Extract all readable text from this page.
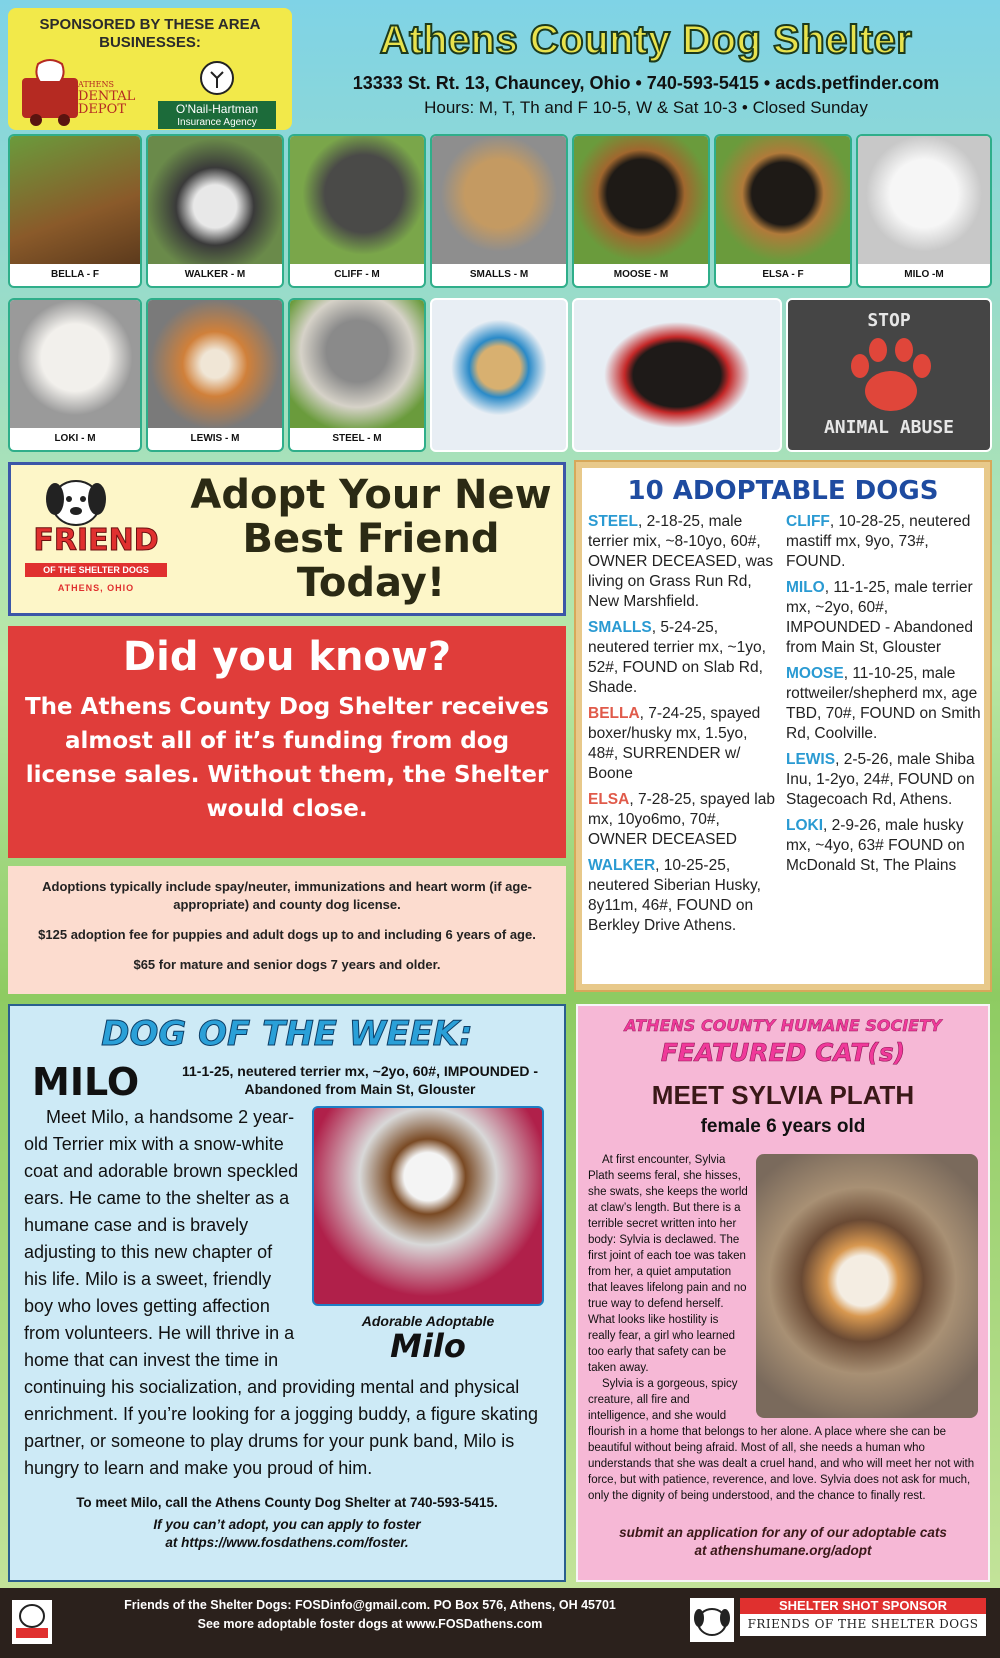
SPONSORED BY THESE AREA BUSINESSES:
ATHENS
DENTAL DEPOT	O'Nail-Hartman
Insurance Agency
Athens County Dog Shelter
13333 St. Rt. 13, Chauncey, Ohio • 740-593-5415 • acds.petfinder.com
Hours: M, T, Th and F 10-5, W & Sat 10-3 • Closed Sunday
BELLA - F	WALKER - M	CLIFF - M	SMALLS - M	MOOSE - M	ELSA - F	MILO -M
LOKI - M	LEWIS - M	STEEL - M
STOP
ANIMAL ABUSE
FRIEND
OF THE SHELTER DOGS
ATHENS, OHIO
Adopt Your New Best Friend Today!
Did you know?
The Athens County Dog Shelter receives almost all of it’s funding from dog license sales. Without them, the Shelter would close.

Adoptions typically include spay/neuter, immunizations and heart worm (if age-appropriate) and county dog license.

$125 adoption fee for puppies and adult dogs up to and including 6 years of age.

$65 for mature and senior dogs 7 years and older.

10 ADOPTABLE DOGS

STEEL, 2-18-25, male terrier mix, ~8-10yo, 60#, OWNER DECEASED, was living on Grass Run Rd, New Marshfield.

SMALLS, 5-24-25, neutered terrier mx, ~1yo, 52#, FOUND on Slab Rd, Shade.

BELLA, 7-24-25, spayed boxer/husky mx, 1.5yo, 48#, SURRENDER w/ Boone

ELSA, 7-28-25, spayed lab mx, 10yo6mo, 70#, OWNER DECEASED

WALKER, 10-25-25, neutered Siberian Husky, 8y11m, 46#, FOUND on Berkley Drive Athens.

CLIFF, 10-28-25, neutered mastiff mx, 9yo, 73#, FOUND.

MILO, 11-1-25, male terrier mx, ~2yo, 60#, IMPOUNDED - Abandoned from Main St, Glouster

MOOSE, 11-10-25, male rottweiler/shepherd mx, age TBD, 70#, FOUND on Smith Rd, Coolville.

LEWIS, 2-5-26, male Shiba Inu, 1-2yo, 24#, FOUND on Stagecoach Rd, Athens.

LOKI, 2-9-26, male husky mx, ~4yo, 63# FOUND on McDonald St, The Plains

DOG OF THE WEEK:
MILO	11-1-25, neutered terrier mx, ~2yo, 60#, IMPOUNDED - Abandoned from Main St, Glouster
Adorable Adoptable
Milo
Meet Milo, a handsome 2 year-old Terrier mix with a snow-white coat and adorable brown speckled ears. He came to the shelter as a humane case and is bravely adjusting to this new chapter of his life. Milo is a sweet, friendly boy who loves getting affection from volunteers. He will thrive in a home that can invest the time in continuing his socialization, and providing mental and physical enrichment. If you’re looking for a jogging buddy, a figure skating partner, or someone to play drums for your punk band, Milo is hungry to learn and make you proud of him.
To meet Milo, call the Athens County Dog Shelter at 740-593-5415.
If you can’t adopt, you can apply to foster
at https://www.fosdathens.com/foster.
ATHENS COUNTY HUMANE SOCIETY
FEATURED CAT(s)
MEET SYLVIA PLATH
female 6 years old

At first encounter, Sylvia Plath seems feral, she hisses, she swats, she keeps the world at claw’s length. But there is a terrible secret written into her body: Sylvia is declawed. The first joint of each toe was taken from her, a quiet amputation that leaves lifelong pain and no true way to defend herself. What looks like hostility is really fear, a girl who learned too early that safety can be taken away.

Sylvia is a gorgeous, spicy creature, all fire and intelligence, and she would flourish in a home that belongs to her alone. A place where she can be beautiful without being afraid. Most of all, she needs a human who understands that she was dealt a cruel hand, and who will meet her not with force, but with patience, reverence, and love. Sylvia does not ask for much, only the dignity of being understood, and the chance to finally rest.

submit an application for any of our adoptable cats
at athenshumane.org/adopt
Friends of the Shelter Dogs: FOSDinfo@gmail.com. PO Box 576, Athens, OH 45701
See more adoptable foster dogs at www.FOSDathens.com
SHELTER SHOT SPONSOR
FRIENDS OF THE SHELTER DOGS
